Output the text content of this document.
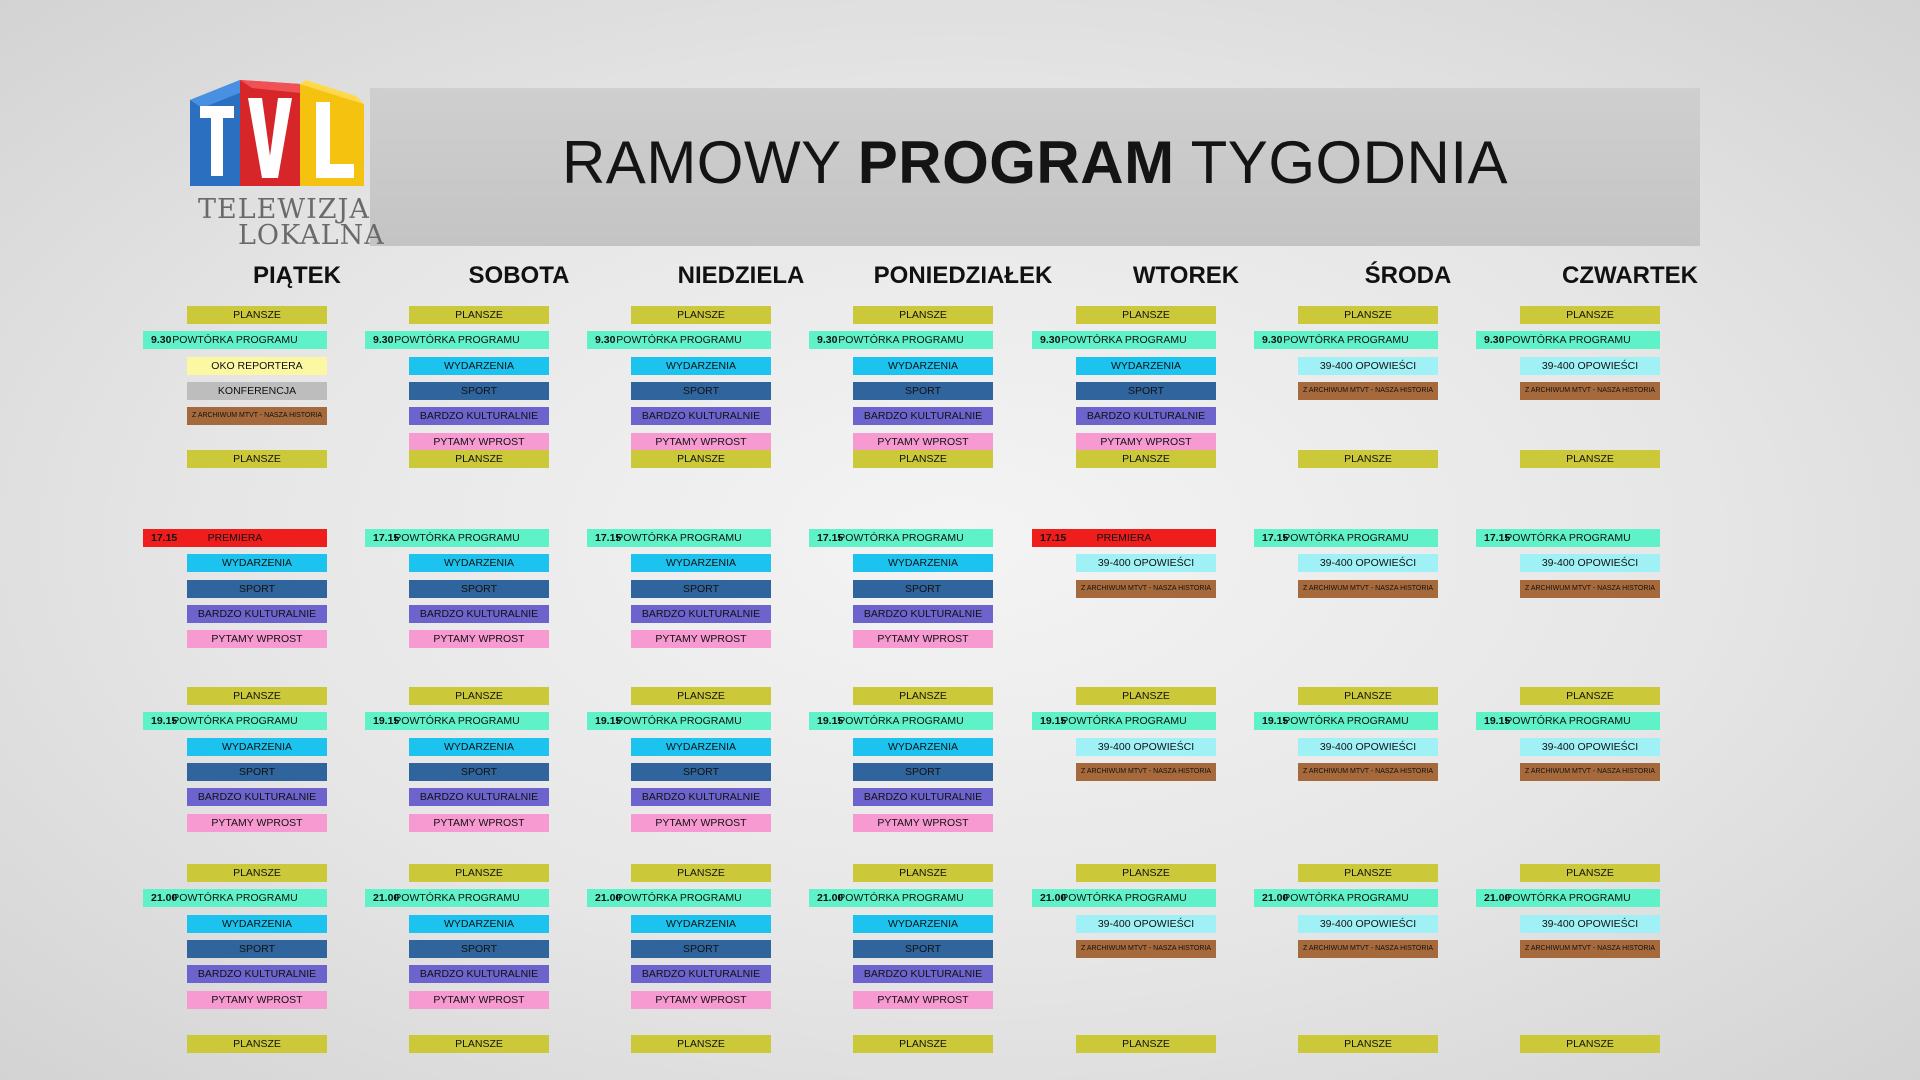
RAMOWY PROGRAM TYGODNIA
TELEWIZJA
LOKALNA
PIĄTEK
PLANSZE
9.30 POWTÓRKA PROGRAMU
OKO REPORTERA
KONFERENCJA
Z ARCHIWUM MTVT - NASZA HISTORIA
PLANSZE
17.15	PREMIERA
WYDARZENIA
SPORT
BARDZO KULTURALNIE
PYTAMY WPROST
PLANSZE
19.15
POWTÓRKA PROGRAMU
WYDARZENIA
SPORT
BARDZO KULTURALNIE
PYTAMY WPROST
PLANSZE
21.00
POWTÓRKA PROGRAMU
WYDARZENIA
SPORT
BARDZO KULTURALNIE
PYTAMY WPROST
PLANSZE
SOBOTA
PLANSZE
9.30 POWTÓRKA PROGRAMU
WYDARZENIA
SPORT
BARDZO KULTURALNIE
PYTAMY WPROST
PLANSZE
17.15
POWTÓRKA PROGRAMU
WYDARZENIA
SPORT
BARDZO KULTURALNIE
PYTAMY WPROST
PLANSZE
19.15
POWTÓRKA PROGRAMU
WYDARZENIA
SPORT
BARDZO KULTURALNIE
PYTAMY WPROST
PLANSZE
21.00
POWTÓRKA PROGRAMU
WYDARZENIA
SPORT
BARDZO KULTURALNIE
PYTAMY WPROST
PLANSZE
NIEDZIELA
PLANSZE
9.30 POWTÓRKA PROGRAMU
WYDARZENIA
SPORT
BARDZO KULTURALNIE
PYTAMY WPROST
PLANSZE
17.15
POWTÓRKA PROGRAMU
WYDARZENIA
SPORT
BARDZO KULTURALNIE
PYTAMY WPROST
PLANSZE
19.15
POWTÓRKA PROGRAMU
WYDARZENIA
SPORT
BARDZO KULTURALNIE
PYTAMY WPROST
PLANSZE
21.00
POWTÓRKA PROGRAMU
WYDARZENIA
SPORT
BARDZO KULTURALNIE
PYTAMY WPROST
PLANSZE
PONIEDZIAŁEK
PLANSZE
9.30 POWTÓRKA PROGRAMU
WYDARZENIA
SPORT
BARDZO KULTURALNIE
PYTAMY WPROST
PLANSZE
17.15
POWTÓRKA PROGRAMU
WYDARZENIA
SPORT
BARDZO KULTURALNIE
PYTAMY WPROST
PLANSZE
19.15
POWTÓRKA PROGRAMU
WYDARZENIA
SPORT
BARDZO KULTURALNIE
PYTAMY WPROST
PLANSZE
21.00
POWTÓRKA PROGRAMU
WYDARZENIA
SPORT
BARDZO KULTURALNIE
PYTAMY WPROST
PLANSZE
WTOREK
PLANSZE
9.30 POWTÓRKA PROGRAMU
WYDARZENIA
SPORT
BARDZO KULTURALNIE
PYTAMY WPROST
PLANSZE
17.15	PREMIERA
39-400 OPOWIEŚCI
Z ARCHIWUM MTVT - NASZA HISTORIA
PLANSZE
19.15
POWTÓRKA PROGRAMU
39-400 OPOWIEŚCI
Z ARCHIWUM MTVT - NASZA HISTORIA
PLANSZE
21.00
POWTÓRKA PROGRAMU
39-400 OPOWIEŚCI
Z ARCHIWUM MTVT - NASZA HISTORIA
PLANSZE
ŚRODA
PLANSZE
9.30 POWTÓRKA PROGRAMU
39-400 OPOWIEŚCI
Z ARCHIWUM MTVT - NASZA HISTORIA
PLANSZE
17.15
POWTÓRKA PROGRAMU
39-400 OPOWIEŚCI
Z ARCHIWUM MTVT - NASZA HISTORIA
PLANSZE
19.15
POWTÓRKA PROGRAMU
39-400 OPOWIEŚCI
Z ARCHIWUM MTVT - NASZA HISTORIA
PLANSZE
21.00
POWTÓRKA PROGRAMU
39-400 OPOWIEŚCI
Z ARCHIWUM MTVT - NASZA HISTORIA
PLANSZE
CZWARTEK
PLANSZE
9.30 POWTÓRKA PROGRAMU
39-400 OPOWIEŚCI
Z ARCHIWUM MTVT - NASZA HISTORIA
PLANSZE
17.15
POWTÓRKA PROGRAMU
39-400 OPOWIEŚCI
Z ARCHIWUM MTVT - NASZA HISTORIA
PLANSZE
19.15
POWTÓRKA PROGRAMU
39-400 OPOWIEŚCI
Z ARCHIWUM MTVT - NASZA HISTORIA
PLANSZE
21.00
POWTÓRKA PROGRAMU
39-400 OPOWIEŚCI
Z ARCHIWUM MTVT - NASZA HISTORIA
PLANSZE
